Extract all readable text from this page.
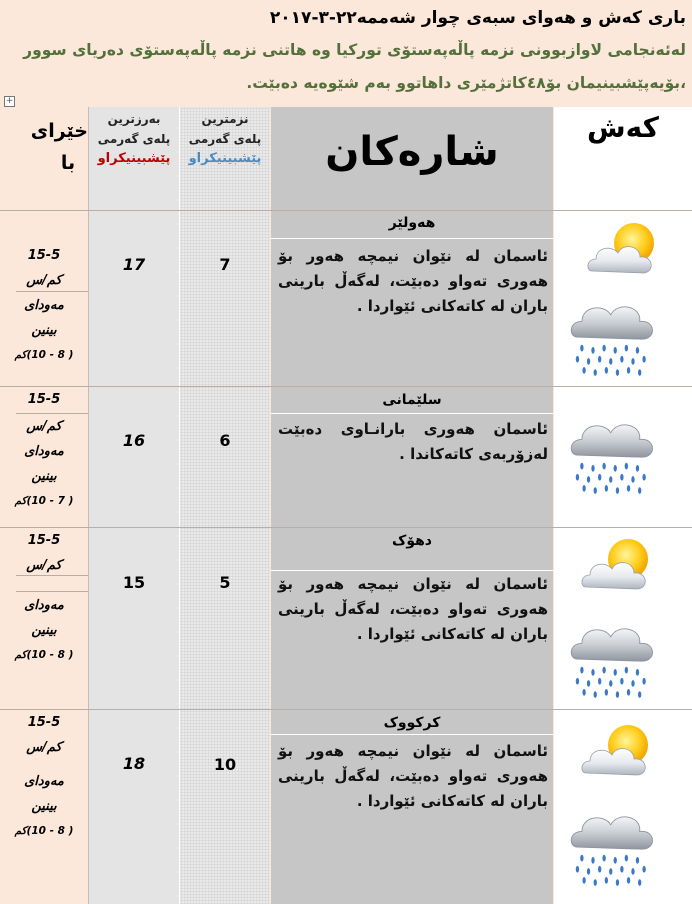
باری کەش و هەوای سبەی چوار شەممە٢٢-٣-٢٠١٧
لەئەنجامی لاوازبوونی نزمە پاڵەپەستۆی تورکیا وە هاتنی نزمە پاڵەپەستۆی دەریای سوور ،بۆیەپێشبینیمان بۆ٤٨کاتژمێری داهاتوو بەم شێوەیە دەبێت.
+
خێرای با
بەرزترین
پلەی گەرمی
پێشبینیکراو
نزمترین
پلەی گەرمی
پێشبینیکراو	شارەکان
کەش
هەولێر
ئاسمان لە نێوان نیمچە هەور بۆ هەوری تەواو دەبێت، لەگەڵ بارینی باران لە کاتەکانی ئێواردا .
17	7
15-5
کم/س
مەودای
بینین
( 8 - 10)کم
سلێمانی
ئاسمان هەوری بارانـاوی دەبێت لەزۆربەی کاتەکاندا .
16	6
15-5
کم/س
مەودای
بینین
( 7 - 10)کم
دهۆک
ئاسمان لە نێوان نیمچە هەور بۆ هەوری تەواو دەبێت، لەگەڵ بارینی باران لە کاتەکانی ئێواردا .
15	5
15-5
کم/س
مەودای
بینین
( 8 - 10)کم
کرکووک
ئاسمان لە نێوان نیمچە هەور بۆ هەوری تەواو دەبێت، لەگەڵ بارینی باران لە کاتەکانی ئێواردا .
18	10
15-5
کم/س
مەودای
بینین
( 8 - 10)کم
